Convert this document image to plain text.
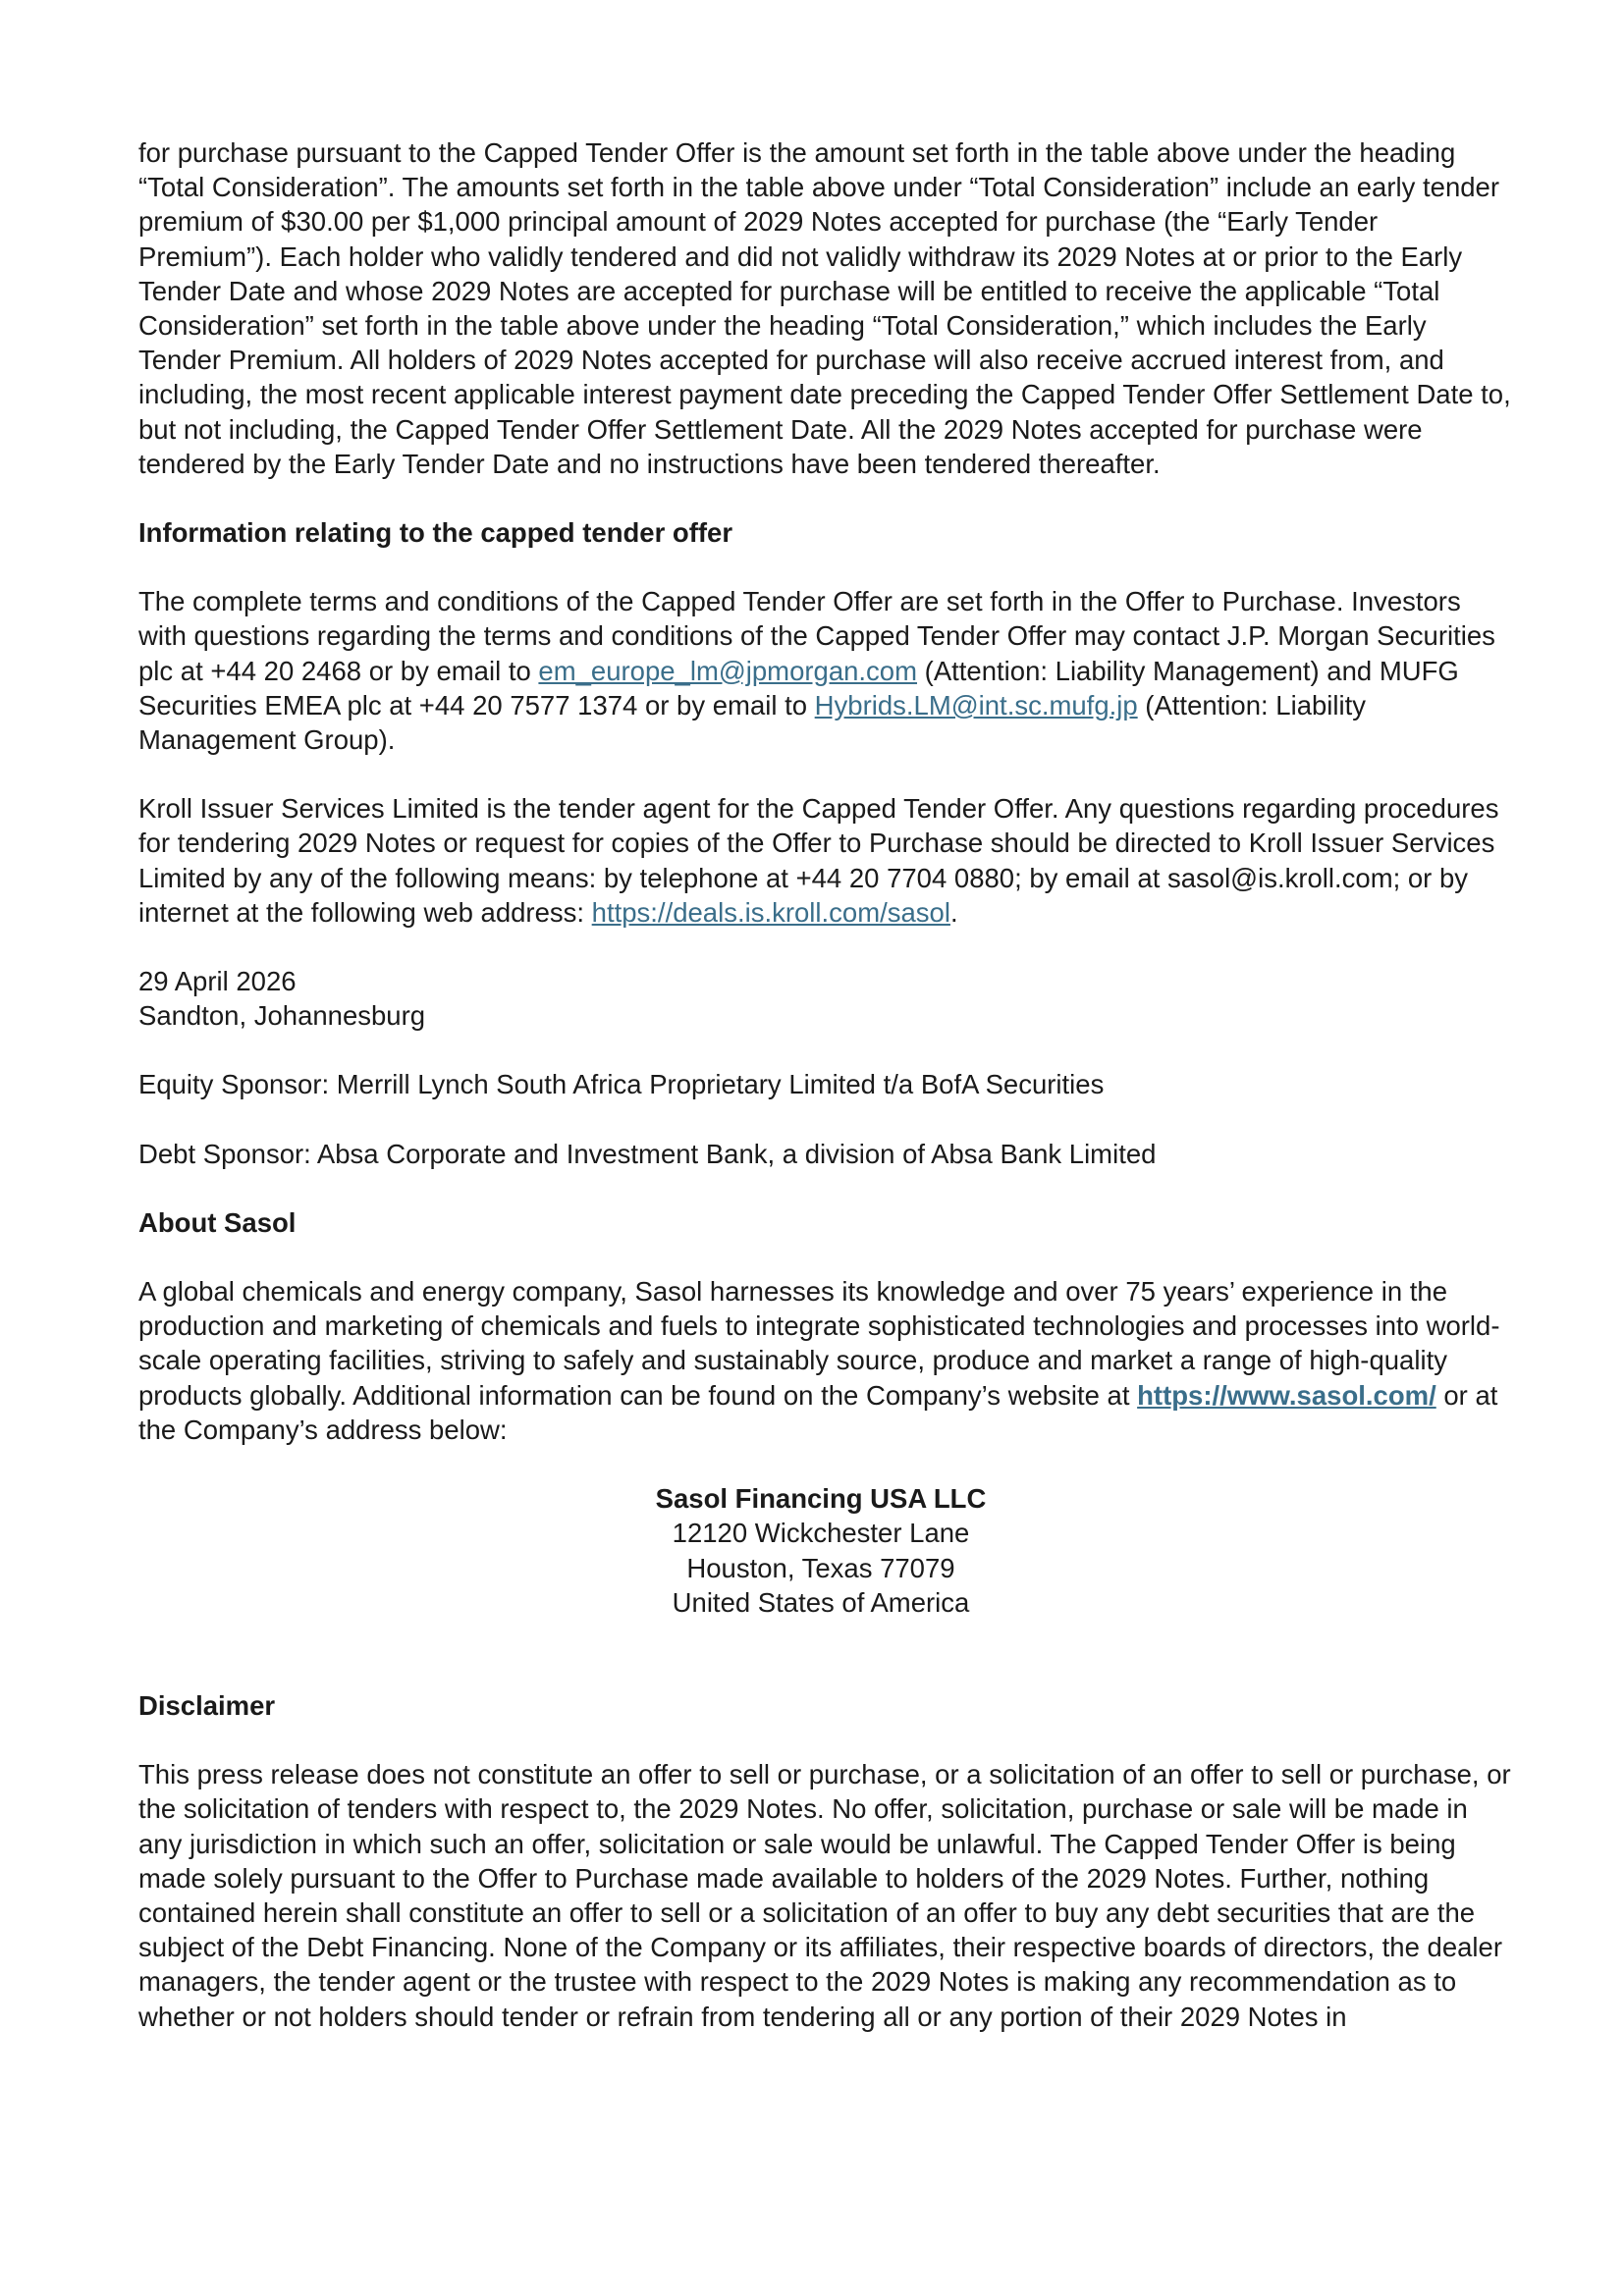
for purchase pursuant to the Capped Tender Offer is the amount set forth in the table above under the heading “Total Consideration”. The amounts set forth in the table above under “Total Consideration” include an early tender premium of $30.00 per $1,000 principal amount of 2029 Notes accepted for purchase (the “Early Tender Premium”). Each holder who validly tendered and did not validly withdraw its 2029 Notes at or prior to the Early Tender Date and whose 2029 Notes are accepted for purchase will be entitled to receive the applicable “Total Consideration” set forth in the table above under the heading “Total Consideration,” which includes the Early Tender Premium. All holders of 2029 Notes accepted for purchase will also receive accrued interest from, and including, the most recent applicable interest payment date preceding the Capped Tender Offer Settlement Date to, but not including, the Capped Tender Offer Settlement Date. All the 2029 Notes accepted for purchase were tendered by the Early Tender Date and no instructions have been tendered thereafter.

Information relating to the capped tender offer

The complete terms and conditions of the Capped Tender Offer are set forth in the Offer to Purchase. Investors with questions regarding the terms and conditions of the Capped Tender Offer may contact J.P. Morgan Securities plc at +44 20 2468 or by email to em_europe_lm@jpmorgan.com (Attention: Liability Management) and MUFG Securities EMEA plc at +44 20 7577 1374 or by email to Hybrids.LM@int.sc.mufg.jp (Attention: Liability Management Group).

Kroll Issuer Services Limited is the tender agent for the Capped Tender Offer. Any questions regarding procedures for tendering 2029 Notes or request for copies of the Offer to Purchase should be directed to Kroll Issuer Services Limited by any of the following means: by telephone at +44 20 7704 0880; by email at sasol@is.kroll.com; or by internet at the following web address: https://deals.is.kroll.com/sasol.

29 April 2026

Sandton, Johannesburg

Equity Sponsor: Merrill Lynch South Africa Proprietary Limited t/a BofA Securities

Debt Sponsor: Absa Corporate and Investment Bank, a division of Absa Bank Limited

About Sasol

A global chemicals and energy company, Sasol harnesses its knowledge and over 75 years’ experience in the production and marketing of chemicals and fuels to integrate sophisticated technologies and processes into world-scale operating facilities, striving to safely and sustainably source, produce and market a range of high-quality products globally. Additional information can be found on the Company’s website at https://www.sasol.com/ or at the Company’s address below:

Sasol Financing USA LLC
12120 Wickchester Lane
Houston, Texas 77079
United States of America

Disclaimer

This press release does not constitute an offer to sell or purchase, or a solicitation of an offer to sell or purchase, or the solicitation of tenders with respect to, the 2029 Notes. No offer, solicitation, purchase or sale will be made in any jurisdiction in which such an offer, solicitation or sale would be unlawful. The Capped Tender Offer is being made solely pursuant to the Offer to Purchase made available to holders of the 2029 Notes. Further, nothing contained herein shall constitute an offer to sell or a solicitation of an offer to buy any debt securities that are the subject of the Debt Financing. None of the Company or its affiliates, their respective boards of directors, the dealer managers, the tender agent or the trustee with respect to the 2029 Notes is making any recommendation as to whether or not holders should tender or refrain from tendering all or any portion of their 2029 Notes in
